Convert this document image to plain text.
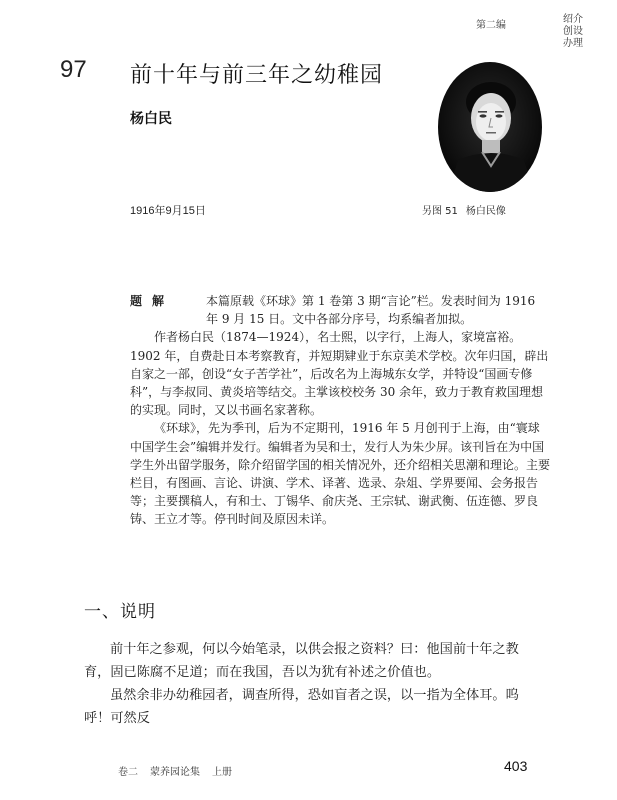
第二编
绍介
创设
办理
97 前十年与前三年之幼稚园
杨白民
1916年9月15日	另图 51 杨白民像
题解	本篇原载《环球》第 1 卷第 3 期“言论”栏。发表时间为 1916 年 9 月 15 日。文中各部分序号，均系编者加拟。

作者杨白民（1874—1924），名士熙，以字行，上海人，家境富裕。1902 年，自费赴日本考察教育，并短期肄业于东京美术学校。次年归国，辟出自家之一部，创设“女子苦学社”，后改名为上海城东女学，并特设“国画专修科”，与李叔同、黄炎培等结交。主掌该校校务 30 余年，致力于教育救国理想的实现。同时，又以书画名家著称。

《环球》，先为季刊，后为不定期刊，1916 年 5 月创刊于上海，由“寰球中国学生会”编辑并发行。编辑者为吴和士，发行人为朱少屏。该刊旨在为中国学生外出留学服务，除介绍留学国的相关情况外，还介绍相关思潮和理论。主要栏目，有图画、言论、讲演、学术、译著、选录、杂俎、学界要闻、会务报告等；主要撰稿人，有和士、丁锡华、俞庆尧、王宗轼、谢武衡、伍连德、罗良铸、王立才等。停刊时间及原因未详。

一、说明

前十年之参观，何以今始笔录，以供会报之资料？曰：他国前十年之教育，固已陈腐不足道；而在我国，吾以为犹有补述之价值也。

虽然余非办幼稚园者，调查所得，恐如盲者之误，以一指为全体耳。呜呼！可然反

卷二 蒙养园论集 上册	403
